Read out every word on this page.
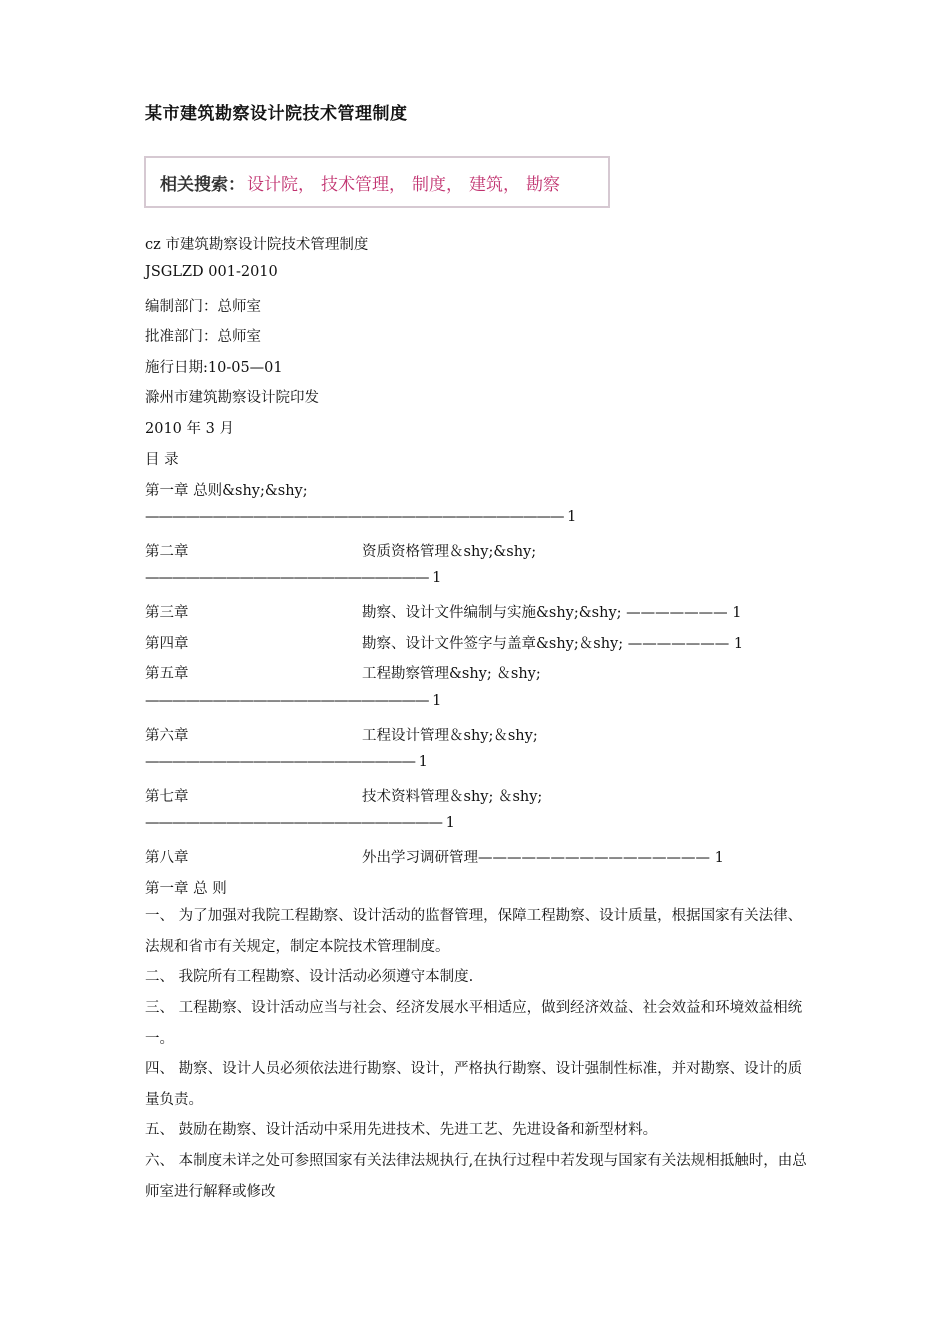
某市建筑勘察设计院技术管理制度
相关搜索： 设计院， 技术管理， 制度， 建筑， 勘察
cz 市建筑勘察设计院技术管理制度
JSGLZD 001-2010
编制部门：总师室
批准部门：总师室
施行日期:10-05—01
滁州市建筑勘察设计院印发
2010 年 3 月
目 录
第一章 总则&shy;&shy;
——————————————————————————————— 1
第二章	资质资格管理＆shy;&shy;
————————————————————— 1
第三章	勘察、设计文件编制与实施&shy;&shy; ——————— 1
第四章	勘察、设计文件签字与盖章&shy;＆shy; ——————— 1
第五章	工程勘察管理&shy; ＆shy;
————————————————————— 1
第六章	工程设计管理＆shy;＆shy;
———————————————————— 1
第七章	技术资料管理＆shy; ＆shy;
—————————————————————— 1
第八章	外出学习调研管理———————————————— 1
第一章 总 则
一、 为了加强对我院工程勘察、设计活动的监督管理，保障工程勘察、设计质量，根据国家有关法律、法规和省市有关规定，制定本院技术管理制度。
二、 我院所有工程勘察、设计活动必须遵守本制度.
三、 工程勘察、设计活动应当与社会、经济发展水平相适应，做到经济效益、社会效益和环境效益相统一。
四、 勘察、设计人员必须依法进行勘察、设计，严格执行勘察、设计强制性标准，并对勘察、设计的质量负责。
五、 鼓励在勘察、设计活动中采用先进技术、先进工艺、先进设备和新型材料。
六、 本制度未详之处可参照国家有关法律法规执行,在执行过程中若发现与国家有关法规相抵触时，由总师室进行解释或修改
